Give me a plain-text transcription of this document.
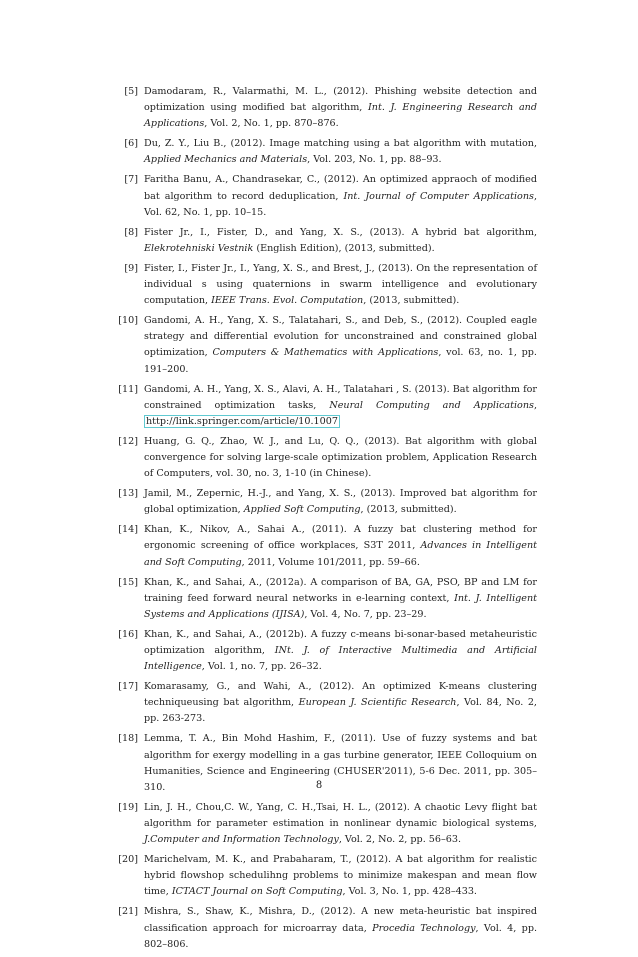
[5] Damodaram, R., Valarmathi, M. L., (2012). Phishing website detection and optimization using modified bat algorithm, Int. J. Engineering Research and Applications, Vol. 2, No. 1, pp. 870–876.
[6] Du, Z. Y., Liu B., (2012). Image matching using a bat algorithm with mutation, Applied Mechanics and Materials, Vol. 203, No. 1, pp. 88–93.
[7] Faritha Banu, A., Chandrasekar, C., (2012). An optimized appraoch of modified bat algorithm to record deduplication, Int. Journal of Computer Applications, Vol. 62, No. 1, pp. 10–15.
[8] Fister Jr., I., Fister, D., and Yang, X. S., (2013). A hybrid bat algorithm, Elekrotehniski Vestnik (English Edition), (2013, submitted).
[9] Fister, I., Fister Jr., I., Yang, X. S., and Brest, J., (2013). On the representation of individual s using quaternions in swarm intelligence and evolutionary computation, IEEE Trans. Evol. Computation, (2013, submitted).
[10] Gandomi, A. H., Yang, X. S., Talatahari, S., and Deb, S., (2012). Coupled eagle strategy and differential evolution for unconstrained and constrained global optimization, Computers & Mathematics with Applications, vol. 63, no. 1, pp. 191–200.
[11] Gandomi, A. H., Yang, X. S., Alavi, A. H., Talatahari , S. (2013). Bat algorithm for constrained optimization tasks, Neural Computing and Applications, http://link.springer.com/article/10.1007
[12] Huang, G. Q., Zhao, W. J., and Lu, Q. Q., (2013). Bat algorithm with global convergence for solving large-scale optimization problem, Application Research of Computers, vol. 30, no. 3, 1-10 (in Chinese).
[13] Jamil, M., Zepernic, H.-J., and Yang, X. S., (2013). Improved bat algorithm for global optimization, Applied Soft Computing, (2013, submitted).
[14] Khan, K., Nikov, A., Sahai A., (2011). A fuzzy bat clustering method for ergonomic screening of office workplaces, S3T 2011, Advances in Intelligent and Soft Computing, 2011, Volume 101/2011, pp. 59–66.
[15] Khan, K., and Sahai, A., (2012a). A comparison of BA, GA, PSO, BP and LM for training feed forward neural networks in e-learning context, Int. J. Intelligent Systems and Applications (IJISA), Vol. 4, No. 7, pp. 23–29.
[16] Khan, K., and Sahai, A., (2012b). A fuzzy c-means bi-sonar-based metaheuristic optimization algorithm, INt. J. of Interactive Multimedia and Artificial Intelligence, Vol. 1, no. 7, pp. 26–32.
[17] Komarasamy, G., and Wahi, A., (2012). An optimized K-means clustering techniqueusing bat algorithm, European J. Scientific Research, Vol. 84, No. 2, pp. 263-273.
[18] Lemma, T. A., Bin Mohd Hashim, F., (2011). Use of fuzzy systems and bat algorithm for exergy modelling in a gas turbine generator, IEEE Colloquium on Humanities, Science and Engineering (CHUSER'2011), 5-6 Dec. 2011, pp. 305–310.
[19] Lin, J. H., Chou,C. W., Yang, C. H.,Tsai, H. L., (2012). A chaotic Levy flight bat algorithm for parameter estimation in nonlinear dynamic biological systems, J.Computer and Information Technology, Vol. 2, No. 2, pp. 56–63.
[20] Marichelvam, M. K., and Prabaharam, T., (2012). A bat algorithm for realistic hybrid flowshop schedulihng problems to minimize makespan and mean flow time, ICTACT Journal on Soft Computing, Vol. 3, No. 1, pp. 428–433.
[21] Mishra, S., Shaw, K., Mishra, D., (2012). A new meta-heuristic bat inspired classification approach for microarray data, Procedia Technology, Vol. 4, pp. 802–806.
8
